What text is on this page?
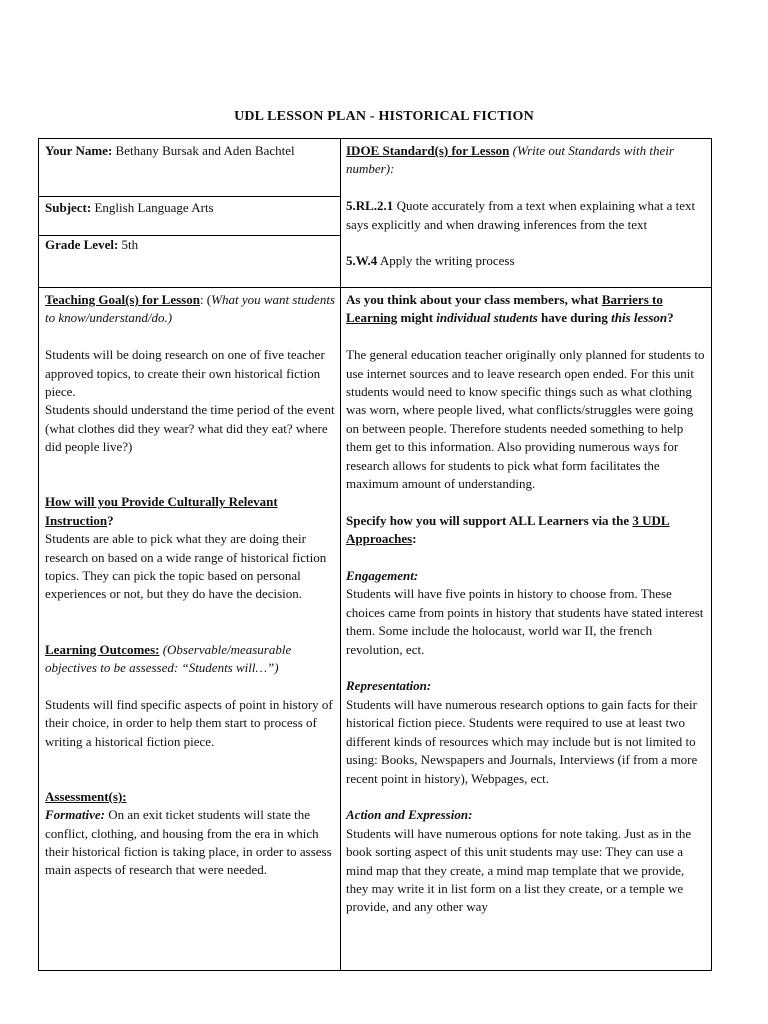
UDL LESSON PLAN - HISTORICAL FICTION
Your Name: Bethany Bursak and Aden Bachtel
Subject: English Language Arts
Grade Level: 5th

IDOE Standard(s) for Lesson (Write out Standards with their number):

5.RL.2.1 Quote accurately from a text when explaining what a text says explicitly and when drawing inferences from the text

5.W.4 Apply the writing process

Teaching Goal(s) for Lesson: (What you want students to know/understand/do.)

Students will be doing research on one of five teacher approved topics, to create their own historical fiction piece.

Students should understand the time period of the event (what clothes did they wear? what did they eat? where did people live?)

How will you Provide Culturally Relevant Instruction?

Students are able to pick what they are doing their research on based on a wide range of historical fiction topics. They can pick the topic based on personal experiences or not, but they do have the decision.

Learning Outcomes: (Observable/measurable objectives to be assessed: “Students will…”)

Students will find specific aspects of point in history of their choice, in order to help them start to process of writing a historical fiction piece.

Assessment(s):

Formative: On an exit ticket students will state the conflict, clothing, and housing from the era in which their historical fiction is taking place, in order to assess main aspects of research that were needed.

As you think about your class members, what Barriers to Learning might individual students have during this lesson?

The general education teacher originally only planned for students to use internet sources and to leave research open ended. For this unit students would need to know specific things such as what clothing was worn, where people lived, what conflicts/struggles were going on between people. Therefore students needed something to help them get to this information. Also providing numerous ways for research allows for students to pick what form facilitates the maximum amount of understanding.

Specify how you will support ALL Learners via the 3 UDL Approaches:

Engagement:

Students will have five points in history to choose from. These choices came from points in history that students have stated interest them. Some include the holocaust, world war II, the french revolution, ect.

Representation:

Students will have numerous research options to gain facts for their historical fiction piece. Students were required to use at least two different kinds of resources which may include but is not limited to using: Books, Newspapers and Journals, Interviews (if from a more recent point in history), Webpages, ect.

Action and Expression:

Students will have numerous options for note taking. Just as in the book sorting aspect of this unit students may use: They can use a mind map that they create, a mind map template that we provide, they may write it in list form on a list they create, or a temple we provide, and any other way
